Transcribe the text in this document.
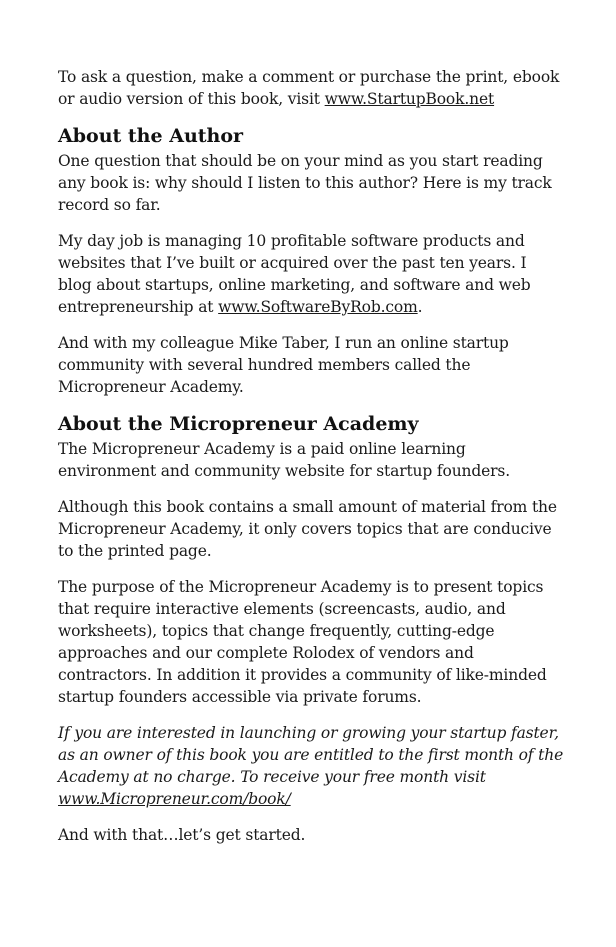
To ask a question, make a comment or purchase the print, ebook or audio version of this book, visit www.StartupBook.net

About the Author

One question that should be on your mind as you start reading any book is: why should I listen to this author? Here is my track record so far.

My day job is managing 10 profitable software products and websites that I’ve built or acquired over the past ten years. I blog about startups, online marketing, and software and web entrepreneurship at www.SoftwareByRob.com.

And with my colleague Mike Taber, I run an online startup community with several hundred members called the Micropreneur Academy.

About the Micropreneur Academy

The Micropreneur Academy is a paid online learning environment and community website for startup founders.

Although this book contains a small amount of material from the Micropreneur Academy, it only covers topics that are conducive to the printed page.

The purpose of the Micropreneur Academy is to present topics that require interactive elements (screencasts, audio, and worksheets), topics that change frequently, cutting-edge approaches and our complete Rolodex of vendors and contractors. In addition it provides a community of like-minded startup founders accessible via private forums.

If you are interested in launching or growing your startup faster, as an owner of this book you are entitled to the first month of the Academy at no charge. To receive your free month visit www.Micropreneur.com/book/

And with that…let’s get started.
